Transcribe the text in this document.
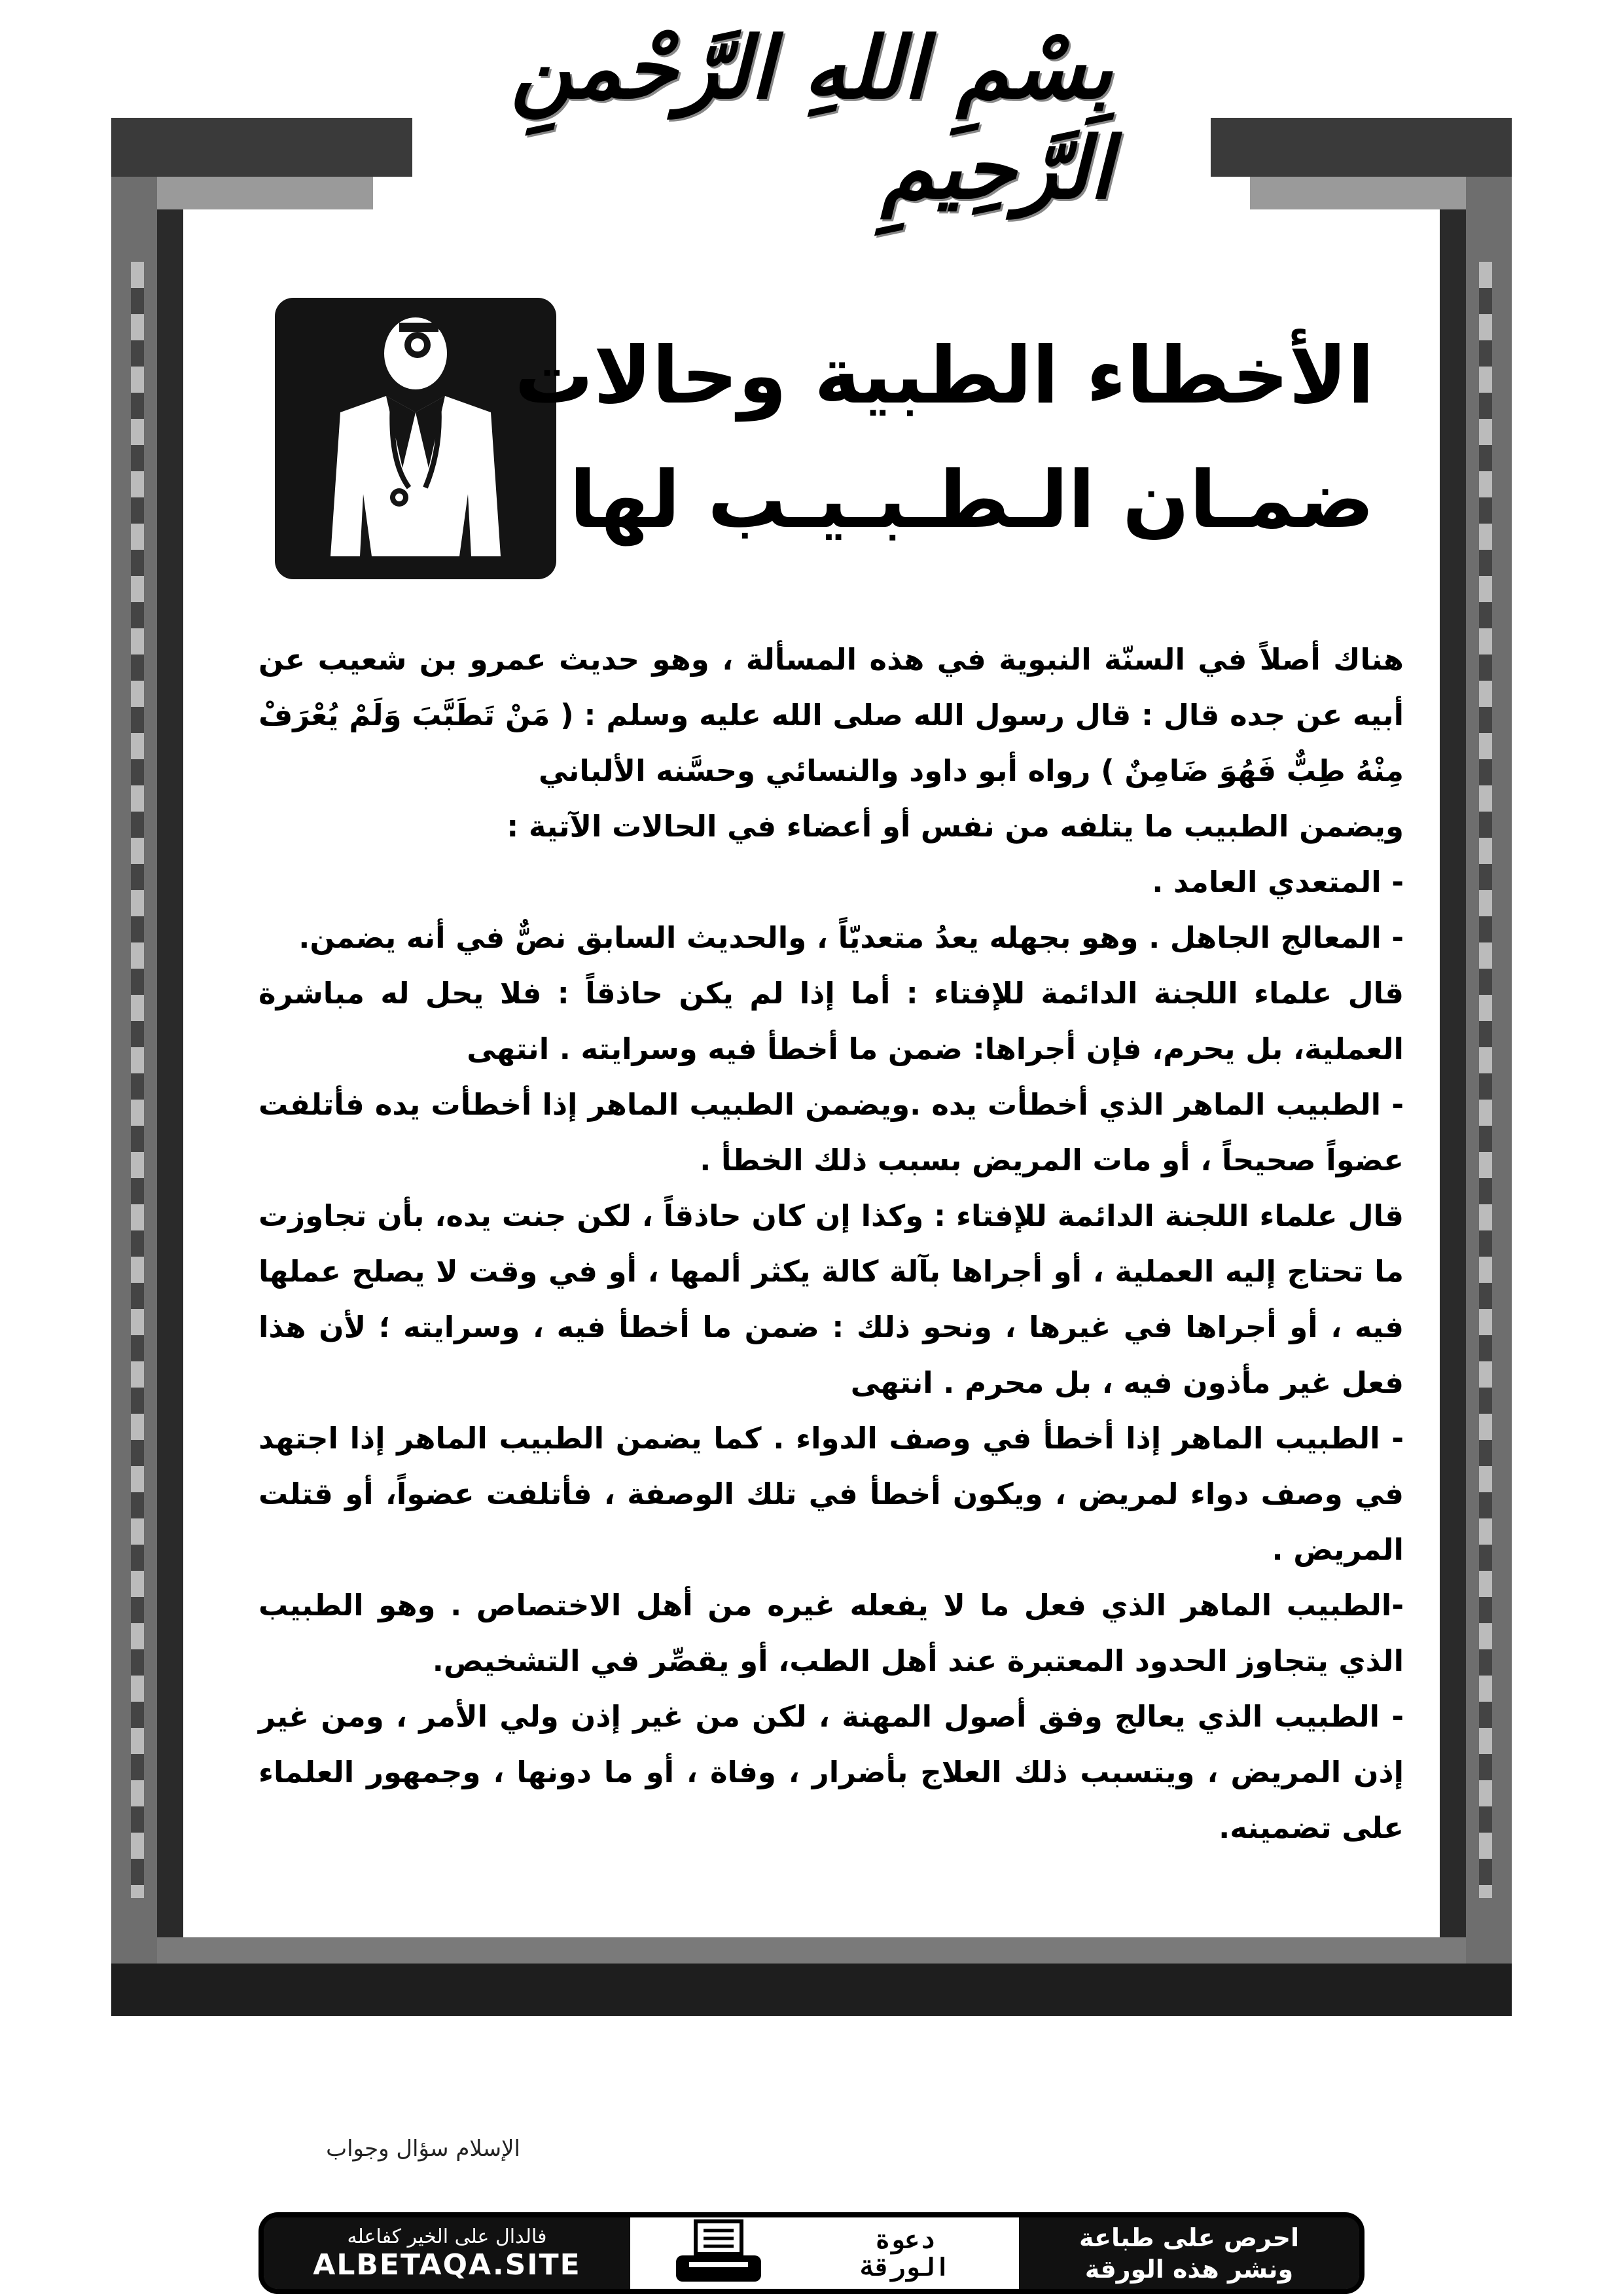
بِسْمِ اللهِ الرَّحْمنِ الرَّحِيمِ
الأخطاء الطبية وحالات
ضمـان الـطـبـيـب لها

هناك أصلاً في السنّة النبوية في هذه المسألة ، وهو حديث عمرو بن شعيب عن أبيه عن جده قال : قال رسول الله صلى الله عليه وسلم : ( مَنْ تَطَبَّبَ وَلَمْ يُعْرَفْ مِنْهُ طِبٌّ فَهُوَ ضَامِنٌ ) رواه أبو داود والنسائي وحسَّنه الألباني

ويضمن الطبيب ما يتلفه من نفس أو أعضاء في الحالات الآتية :

- المتعدي العامد .

- المعالج الجاهل . وهو بجهله يعدُ متعديّاً ، والحديث السابق نصٌّ في أنه يضمن.

قال علماء اللجنة الدائمة للإفتاء : أما إذا لم يكن حاذقاً : فلا يحل له مباشرة العملية، بل يحرم، فإن أجراها: ضمن ما أخطأ فيه وسرايته . انتهى

- الطبيب الماهر الذي أخطأت يده .ويضمن الطبيب الماهر إذا أخطأت يده فأتلفت عضواً صحيحاً ، أو مات المريض بسبب ذلك الخطأ .

قال علماء اللجنة الدائمة للإفتاء : وكذا إن كان حاذقاً ، لكن جنت يده، بأن تجاوزت ما تحتاج إليه العملية ، أو أجراها بآلة كالة يكثر ألمها ، أو في وقت لا يصلح عملها فيه ، أو أجراها في غيرها ، ونحو ذلك : ضمن ما أخطأ فيه ، وسرايته ؛ لأن هذا فعل غير مأذون فيه ، بل محرم . انتهى

- الطبيب الماهر إذا أخطأ في وصف الدواء . كما يضمن الطبيب الماهر إذا اجتهد في وصف دواء لمريض ، ويكون أخطأ في تلك الوصفة ، فأتلفت عضواً، أو قتلت المريض .

-الطبيب الماهر الذي فعل ما لا يفعله غيره من أهل الاختصاص . وهو الطبيب الذي يتجاوز الحدود المعتبرة عند أهل الطب، أو يقصِّر في التشخيص.

- الطبيب الذي يعالج وفق أصول المهنة ، لكن من غير إذن ولي الأمر ، ومن غير إذن المريض ، ويتسبب ذلك العلاج بأضرار ، وفاة ، أو ما دونها ، وجمهور العلماء على تضمينه.

الإسلام سؤال وجواب
فالدال على الخير كفاعله
ALBETAQA.SITE
دعوة الورقة
احرص على طباعة
ونشر هذه الورقة
